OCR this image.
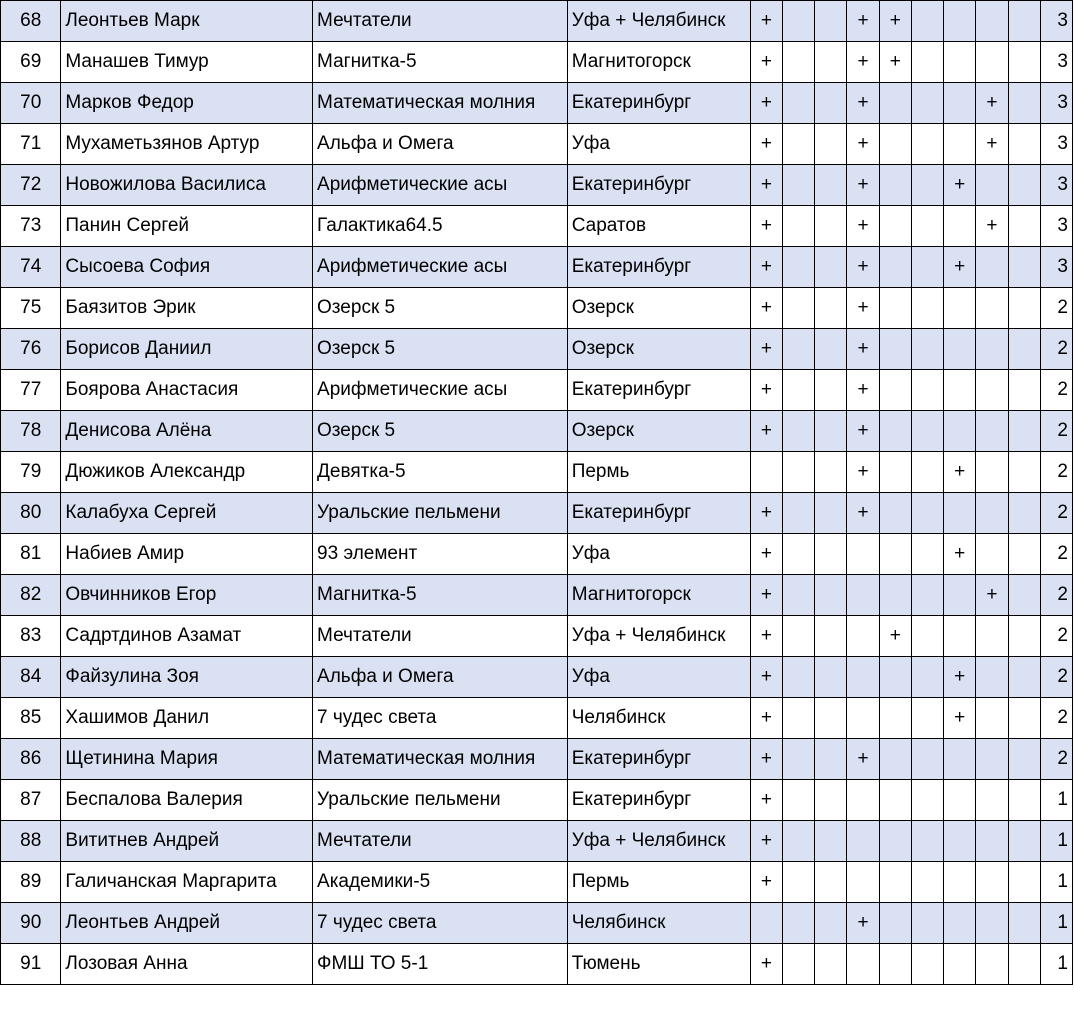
68	Леонтьев Марк	Мечтатели	Уфа + Челябинск	+			+	+					3
69	Манашев Тимур	Магнитка-5	Магнитогорск	+			+	+					3
70	Марков Федор	Математическая молния	Екатеринбург	+			+				+		3
71	Мухаметьзянов Артур	Альфа и Омега	Уфа	+			+				+		3
72	Новожилова Василиса	Арифметические асы	Екатеринбург	+			+			+			3
73	Панин Сергей	Галактика64.5	Саратов	+			+				+		3
74	Сысоева София	Арифметические асы	Екатеринбург	+			+			+			3
75	Баязитов Эрик	Озерск 5	Озерск	+			+						2
76	Борисов Даниил	Озерск 5	Озерск	+			+						2
77	Боярова Анастасия	Арифметические асы	Екатеринбург	+			+						2
78	Денисова Алёна	Озерск 5	Озерск	+			+						2
79	Дюжиков Александр	Девятка-5	Пермь				+			+			2
80	Калабуха Сергей	Уральские пельмени	Екатеринбург	+			+						2
81	Набиев Амир	93 элемент	Уфа	+						+			2
82	Овчинников Егор	Магнитка-5	Магнитогорск	+							+		2
83	Садртдинов Азамат	Мечтатели	Уфа + Челябинск	+				+					2
84	Файзулина Зоя	Альфа и Омега	Уфа	+						+			2
85	Хашимов Данил	7 чудес света	Челябинск	+						+			2
86	Щетинина Мария	Математическая молния	Екатеринбург	+			+						2
87	Беспалова Валерия	Уральские пельмени	Екатеринбург	+									1
88	Вититнев Андрей	Мечтатели	Уфа + Челябинск	+									1
89	Галичанская Маргарита	Академики-5	Пермь	+									1
90	Леонтьев Андрей	7 чудес света	Челябинск				+						1
91	Лозовая Анна	ФМШ ТО 5-1	Тюмень	+									1
